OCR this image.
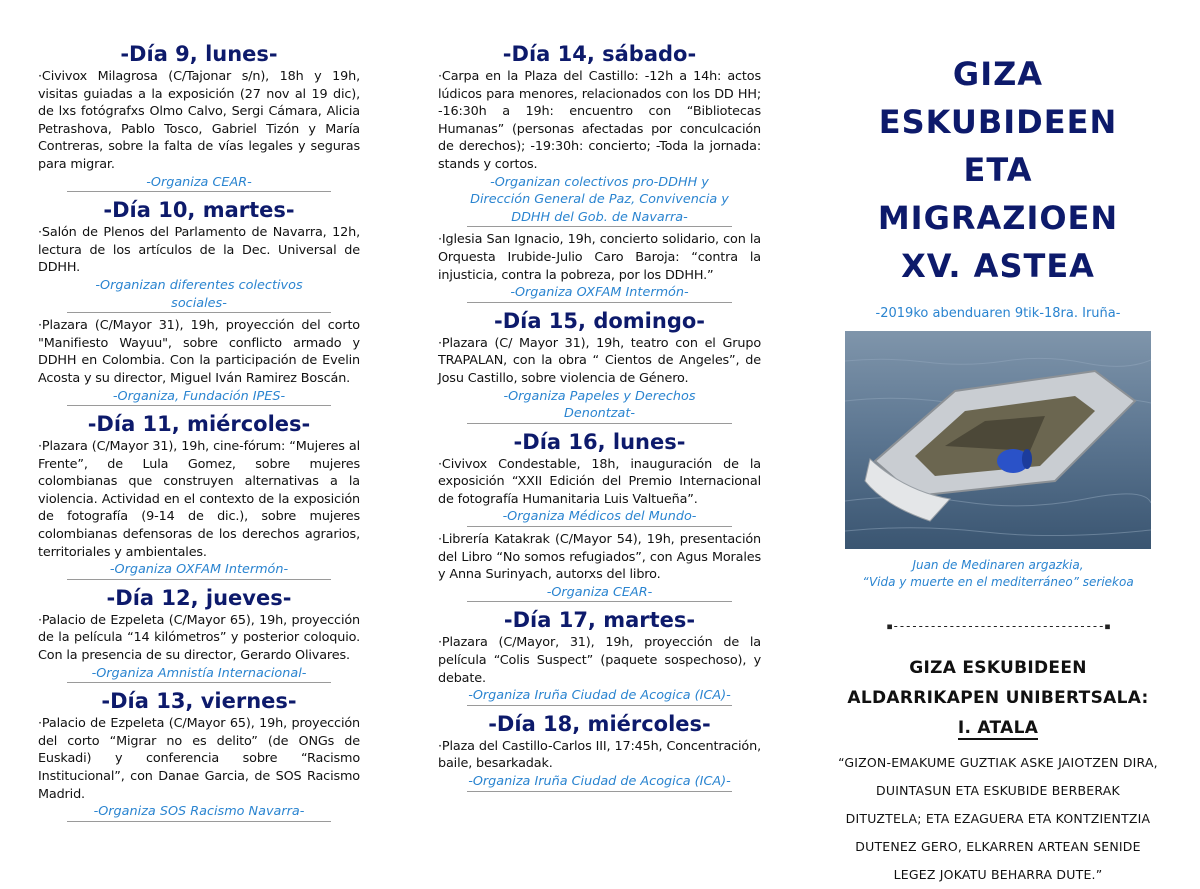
-Día 9, lunes-

·Civivox Milagrosa (C/Tajonar s/n), 18h y 19h, visitas guiadas a la exposición (27 nov al 19 dic), de lxs fotógrafxs Olmo Calvo, Sergi Cámara, Alicia Petrashova, Pablo Tosco, Gabriel Tizón y María Contreras, sobre la falta de vías legales y seguras para migrar.

-Organiza CEAR-

-Día 10, martes-

·Salón de Plenos del Parlamento de Navarra, 12h, lectura de los artículos de la Dec. Universal de DDHH.

-Organizan diferentes colectivos sociales-

·Plazara (C/Mayor 31), 19h, proyección del corto "Manifiesto Wayuu", sobre conflicto armado y DDHH en Colombia. Con la participación de Evelin Acosta y su director, Miguel Iván Ramirez Boscán.

-Organiza, Fundación IPES-

-Día 11, miércoles-

·Plazara (C/Mayor 31), 19h, cine-fórum: “Mujeres al Frente”, de Lula Gomez, sobre mujeres colombianas que construyen alternativas a la violencia. Actividad en el contexto de la exposición de fotografía (9-14 de dic.), sobre mujeres colombianas defensoras de los derechos agrarios, territoriales y ambientales.

-Organiza OXFAM Intermón-

-Día 12, jueves-

·Palacio de Ezpeleta (C/Mayor 65), 19h, proyección de la película “14 kilómetros” y posterior coloquio. Con la presencia de su director, Gerardo Olivares.

-Organiza Amnistía Internacional-

-Día 13, viernes-

·Palacio de Ezpeleta (C/Mayor 65), 19h, proyección del corto “Migrar no es delito” (de ONGs de Euskadi) y conferencia sobre “Racismo Institucional”, con Danae Garcia, de SOS Racismo Madrid.

-Organiza SOS Racismo Navarra-

-Día 14, sábado-

·Carpa en la Plaza del Castillo: -12h a 14h: actos lúdicos para menores, relacionados con los DD HH; -16:30h a 19h: encuentro con “Bibliotecas Humanas” (personas afectadas por conculcación de derechos); -19:30h: concierto; -Toda la jornada: stands y cortos.

-Organizan colectivos pro-DDHH y Dirección General de Paz, Convivencia y DDHH del Gob. de Navarra-

·Iglesia San Ignacio, 19h, concierto solidario, con la Orquesta Irubide-Julio Caro Baroja: “contra la injusticia, contra la pobreza, por los DDHH.”

-Organiza OXFAM Intermón-

-Día 15, domingo-

·Plazara (C/ Mayor 31), 19h, teatro con el Grupo TRAPALAN, con la obra “ Cientos de Angeles”, de Josu Castillo, sobre violencia de Género.

-Organiza Papeles y Derechos Denontzat-

-Día 16, lunes-

·Civivox Condestable, 18h, inauguración de la exposición “XXII Edición del Premio Internacional de fotografía Humanitaria Luis Valtueña”.

-Organiza Médicos del Mundo-

·Librería Katakrak (C/Mayor 54), 19h, presentación del Libro “No somos refugiados”, con Agus Morales y Anna Surinyach, autorxs del libro.

-Organiza CEAR-

-Día 17, martes-

·Plazara (C/Mayor, 31), 19h, proyección de la película “Colis Suspect” (paquete sospechoso), y debate.

-Organiza Iruña Ciudad de Acogica (ICA)-

-Día 18, miércoles-

·Plaza del Castillo-Carlos III, 17:45h, Concentración, baile, besarkadak.

-Organiza Iruña Ciudad de Acogica (ICA)-

GIZA ESKUBIDEEN
ETA MIGRAZIOEN
XV. ASTEA

-2019ko abenduaren 9tik-18ra. Iruña-

Juan de Medinaren argazkia,
“Vida y muerte en el mediterráneo” seriekoa

▪----------------------------------▪

GIZA ESKUBIDEEN

ALDARRIKAPEN UNIBERTSALA:

I. ATALA

“GIZON-EMAKUME GUZTIAK ASKE JAIOTZEN DIRA, DUINTASUN ETA ESKUBIDE BERBERAK DITUZTELA; ETA EZAGUERA ETA KONTZIENTZIA DUTENEZ GERO, ELKARREN ARTEAN SENIDE LEGEZ JOKATU BEHARRA DUTE.”
